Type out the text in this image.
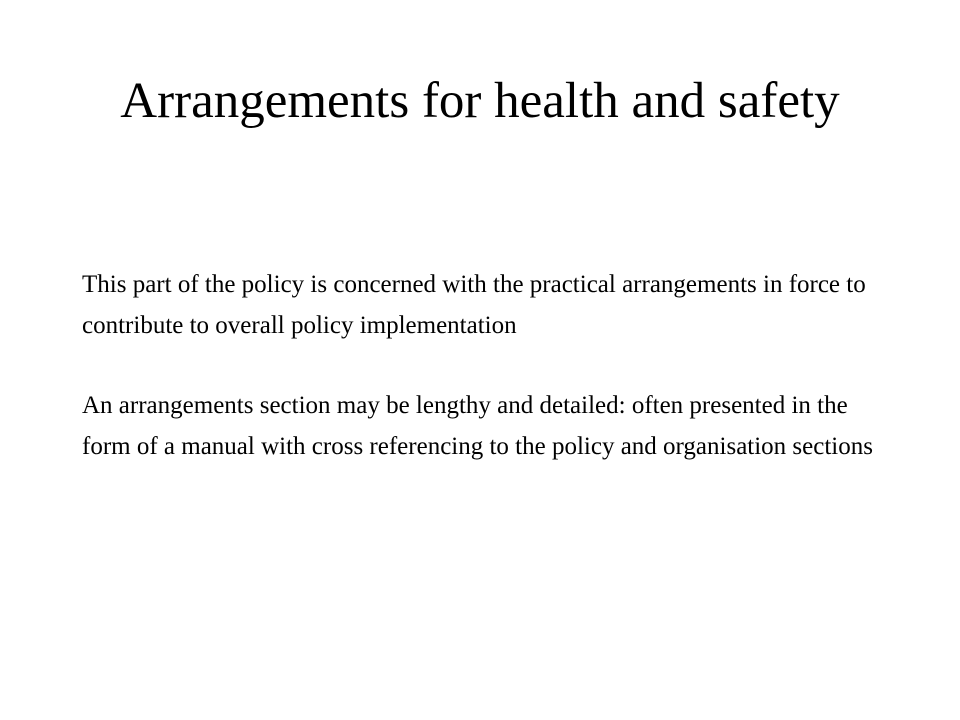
Arrangements for health and safety

This part of the policy is concerned with the practical arrangements in force to contribute to overall policy implementation

An arrangements section may be lengthy and detailed: often presented in the form of a manual with cross referencing to the policy and organisation sections
